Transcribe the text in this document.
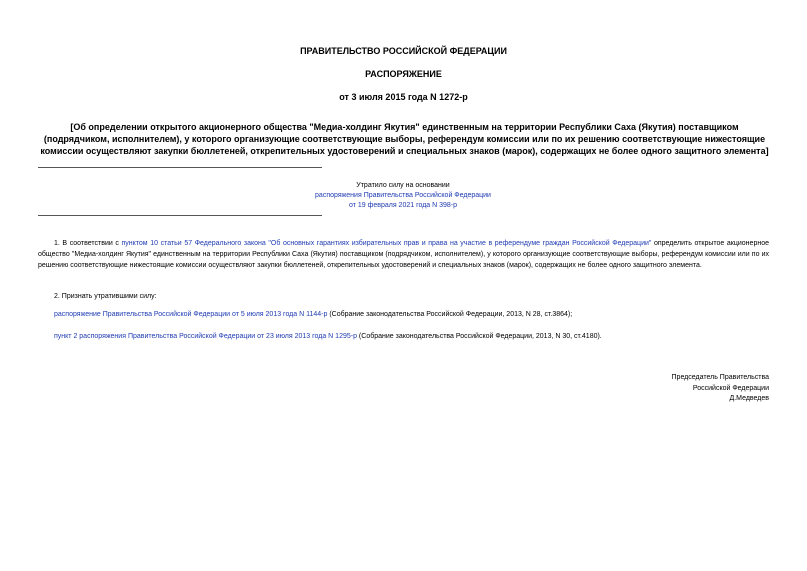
ПРАВИТЕЛЬСТВО РОССИЙСКОЙ ФЕДЕРАЦИИ
РАСПОРЯЖЕНИЕ
от 3 июля 2015 года N 1272-р
[Об определении открытого акционерного общества "Медиа-холдинг Якутия" единственным на территории Республики Саха (Якутия) поставщиком (подрядчиком, исполнителем), у которого организующие соответствующие выборы, референдум комиссии или по их решению соответствующие нижестоящие комиссии осуществляют закупки бюллетеней, открепительных удостоверений и специальных знаков (марок), содержащих не более одного защитного элемента]
Утратило силу на основании
распоряжения Правительства Российской Федерации
от 19 февраля 2021 года N 398-р
1. В соответствии с пунктом 10 статьи 57 Федерального закона "Об основных гарантиях избирательных прав и права на участие в референдуме граждан Российской Федерации" определить открытое акционерное общество "Медиа-холдинг Якутия" единственным на территории Республики Саха (Якутия) поставщиком (подрядчиком, исполнителем), у которого организующие соответствующие выборы, референдум комиссии или по их решению соответствующие нижестоящие комиссии осуществляют закупки бюллетеней, открепительных удостоверений и специальных знаков (марок), содержащих не более одного защитного элемента.
2. Признать утратившими силу:
распоряжение Правительства Российской Федерации от 5 июля 2013 года N 1144-р (Собрание законодательства Российской Федерации, 2013, N 28, ст.3864);
пункт 2 распоряжения Правительства Российской Федерации от 23 июля 2013 года N 1295-р (Собрание законодательства Российской Федерации, 2013, N 30, ст.4180).
Председатель Правительства
Российской Федерации
Д.Медведев
